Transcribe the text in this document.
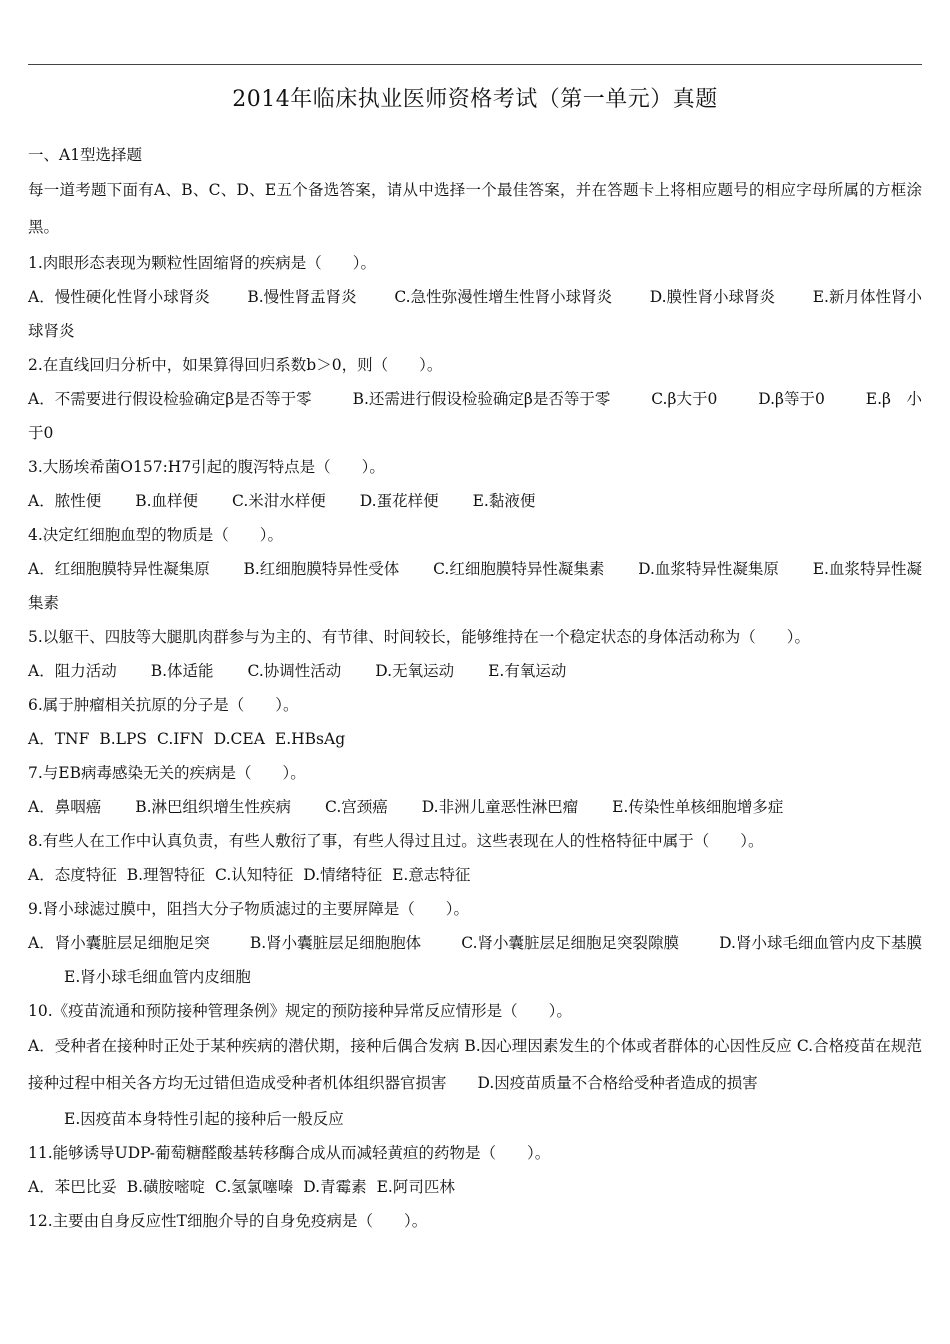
2014年临床执业医师资格考试（第一单元）真题
一、A1型选择题
每一道考题下面有A、B、C、D、E五个备选答案，请从中选择一个最佳答案，并在答题卡上将相应题号的相应字母所属的方框涂黑。
1.肉眼形态表现为颗粒性固缩肾的疾病是（　　）。
A．慢性硬化性肾小球肾炎 B.慢性肾盂肾炎 C.急性弥漫性增生性肾小球肾炎 D.膜性肾小球肾炎 E.新月体性肾小
球肾炎
2.在直线回归分析中，如果算得回归系数b＞0，则（　　）。
A．不需要进行假设检验确定β是否等于零	B.还需进行假设检验确定β是否等于零	C.β大于0	D.β等于0	E.β　小
于0
3.大肠埃希菌O157:H7引起的腹泻特点是（　　）。
A．脓性便 B.血样便 C.米泔水样便 D.蛋花样便 E.黏液便
4.决定红细胞血型的物质是（　　）。
A．红细胞膜特异性凝集原 B.红细胞膜特异性受体 C.红细胞膜特异性凝集素 D.血浆特异性凝集原 E.血浆特异性凝
集素
5.以躯干、四肢等大腿肌肉群参与为主的、有节律、时间较长，能够维持在一个稳定状态的身体活动称为（　　）。
A．阻力活动 B.体适能 C.协调性活动 D.无氧运动 E.有氧运动
6.属于肿瘤相关抗原的分子是（　　）。
A．TNF B.LPS C.IFN D.CEA E.HBsAg
7.与EB病毒感染无关的疾病是（　　）。
A．鼻咽癌 B.淋巴组织增生性疾病 C.宫颈癌 D.非洲儿童恶性淋巴瘤 E.传染性单核细胞增多症
8.有些人在工作中认真负责，有些人敷衍了事，有些人得过且过。这些表现在人的性格特征中属于（　　）。
A．态度特征 B.理智特征 C.认知特征 D.情绪特征 E.意志特征
9.肾小球滤过膜中，阻挡大分子物质滤过的主要屏障是（　　）。
A．肾小囊脏层足细胞足突	B.肾小囊脏层足细胞胞体	C.肾小囊脏层足细胞足突裂隙膜	D.肾小球毛细血管内皮下基膜
E.肾小球毛细血管内皮细胞
10.《疫苗流通和预防接种管理条例》规定的预防接种异常反应情形是（　　）。
A．受种者在接种时正处于某种疾病的潜伏期，接种后偶合发病 B.因心理因素发生的个体或者群体的心因性反应 C.合格疫苗在规范接种过程中相关各方均无过错但造成受种者机体组织器官损害　　D.因疫苗质量不合格给受种者造成的损害
E.因疫苗本身特性引起的接种后一般反应
11.能够诱导UDP-葡萄糖醛酸基转移酶合成从而减轻黄疸的药物是（　　）。
A．苯巴比妥 B.磺胺嘧啶 C.氢氯噻嗪 D.青霉素 E.阿司匹林
12.主要由自身反应性T细胞介导的自身免疫病是（　　）。
